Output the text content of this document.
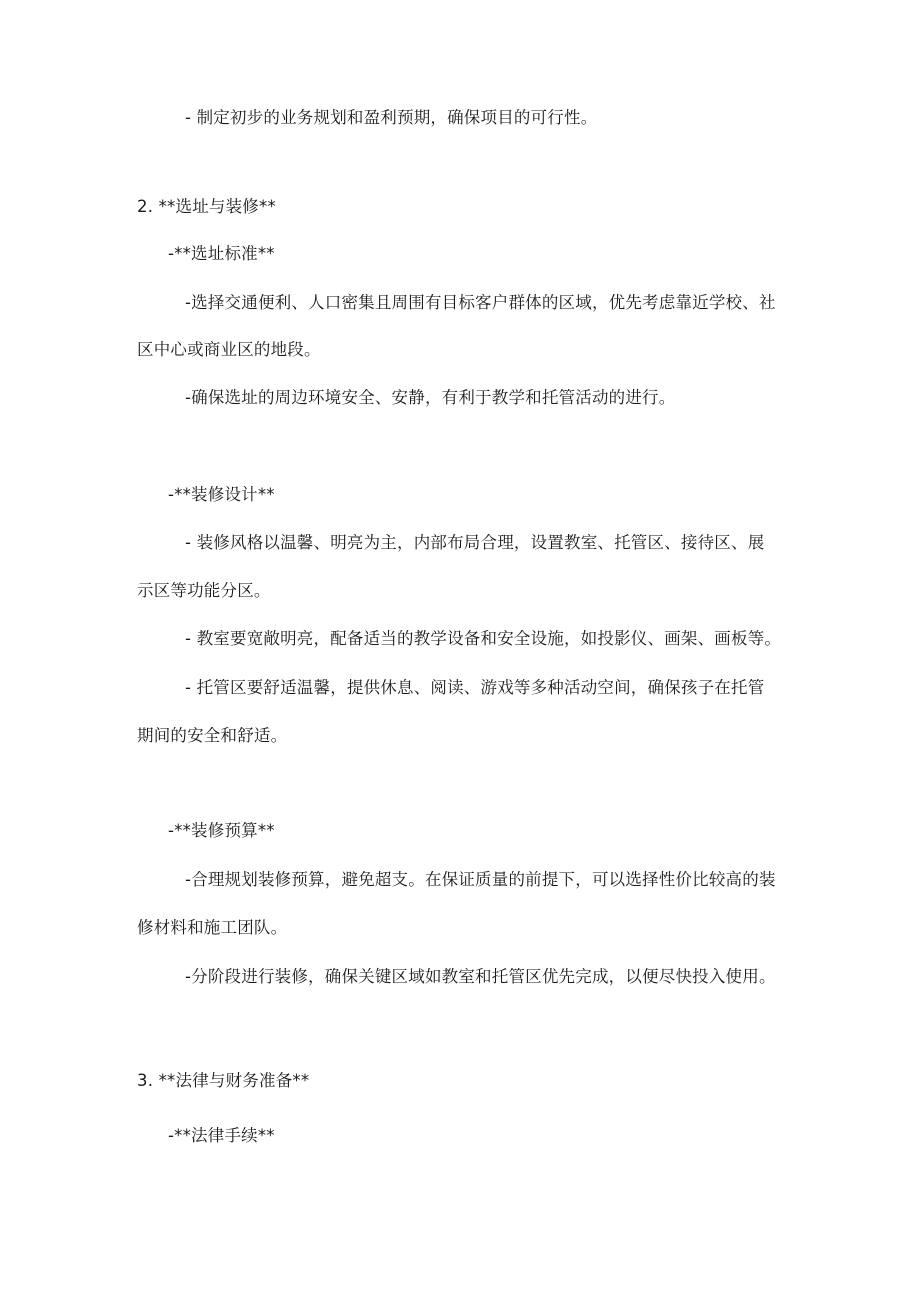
- 制定初步的业务规划和盈利预期，确保项目的可行性。
2. **选址与装修**
-**选址标准**
-选择交通便利、人口密集且周围有目标客户群体的区域，优先考虑靠近学校、社
区中心或商业区的地段。
-确保选址的周边环境安全、安静，有利于教学和托管活动的进行。
-**装修设计**
- 装修风格以温馨、明亮为主，内部布局合理，设置教室、托管区、接待区、展
示区等功能分区。
- 教室要宽敞明亮，配备适当的教学设备和安全设施，如投影仪、画架、画板等。
- 托管区要舒适温馨，提供休息、阅读、游戏等多种活动空间，确保孩子在托管
期间的安全和舒适。
-**装修预算**
-合理规划装修预算，避免超支。在保证质量的前提下，可以选择性价比较高的装
修材料和施工团队。
-分阶段进行装修，确保关键区域如教室和托管区优先完成，以便尽快投入使用。
3. **法律与财务准备**
-**法律手续**
